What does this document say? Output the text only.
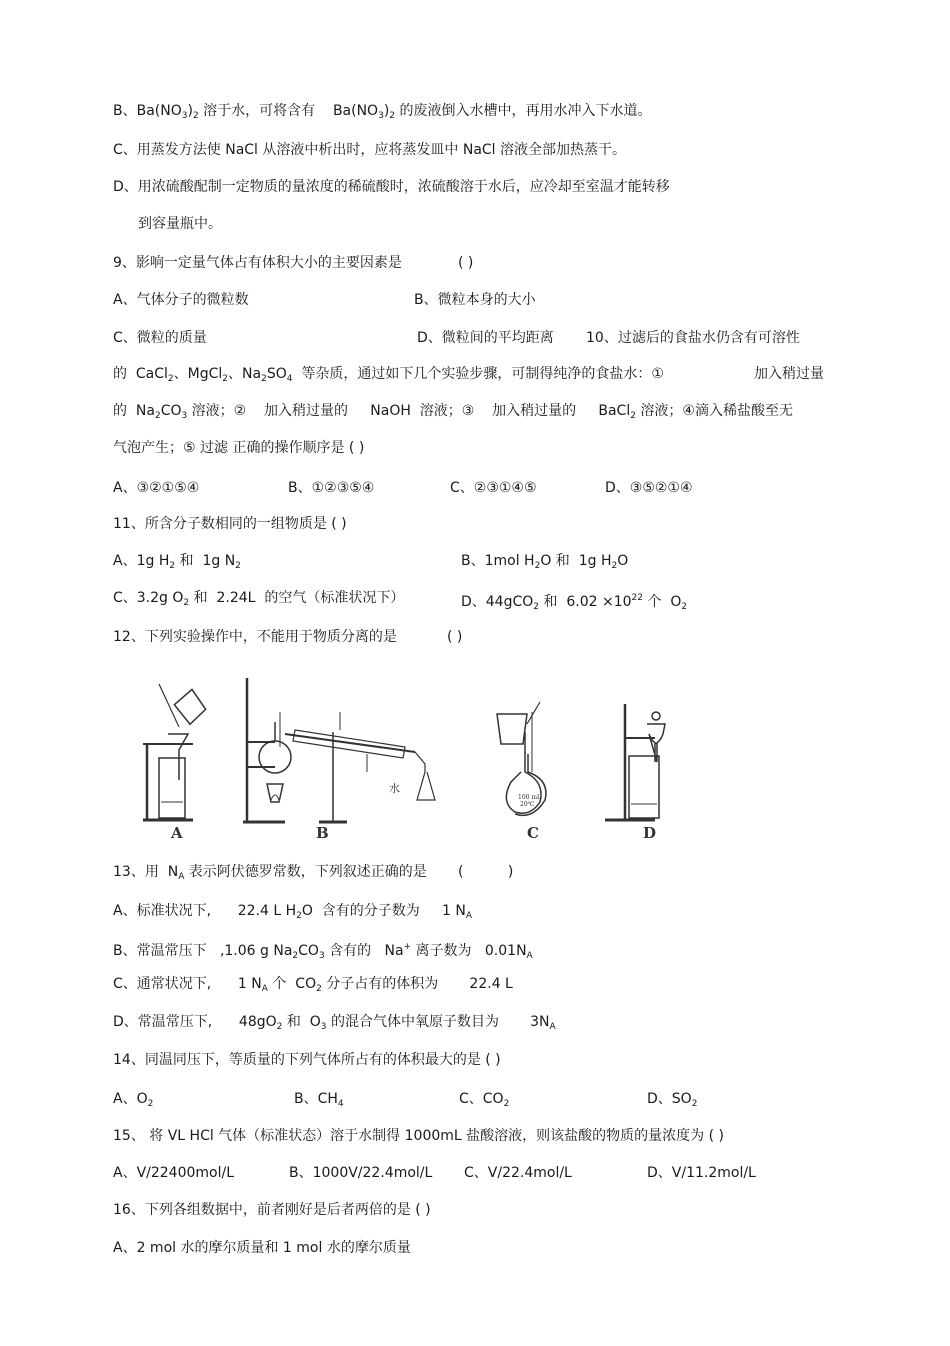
B、$Ba(NO_3)_2$ 溶于水，可将含有    $Ba(NO_3)_2$ 的废液倒入水槽中，再用水冲入下水道。
C、用蒸发方法使 NaCl 从溶液中析出时，应将蒸发皿中 NaCl 溶液全部加热蒸干。
D、用浓硫酸配制一定物质的量浓度的稀硫酸时，浓硫酸溶于水后，应冷却至室温才能转移
到容量瓶中。
9、影响一定量气体占有体积大小的主要因素是	( )
A、气体分子的微粒数	B、微粒本身的大小
C、微粒的质量	D、微粒间的平均距离 10、过滤后的食盐水仍含有可溶性
的  CaCl$_2$、MgCl$_2$、$Na_2SO_4$  等杂质，通过如下几个实验步骤，可制得纯净的食盐水：①	加入稍过量
的  $Na_2CO_3$ 溶液；②    加入稍过量的     NaOH  溶液；③    加入稍过量的     BaCl$_2$ 溶液；④滴入稀盐酸至无
气泡产生；⑤ 过滤 正确的操作顺序是 ( )
A、③②①⑤④	B、①②③⑤④	C、②③①④⑤	D、③⑤②①④
11、所含分子数相同的一组物质是 ( )
A、1g $H_2$ 和  1g $N_2$	B、1mol $H_2O$ 和  1g $H_2O$
C、3.2g $O_2$ 和  2.24L  的空气（标准状况下）	D、44gCO$_2$ 和  $6.02 \times 10^{22}$ 个  $O_2$
12、下列实验操作中，不能用于物质分离的是	( )
A	B	C	D
水
100 mL
20℃
13、用  $N_A$ 表示阿伏德罗常数，下列叙述正确的是       (          )
A、标准状况下,      22.4 L $H_2O$  含有的分子数为     1 $N_A$
B、常温常压下   ,1.06 g $Na_2CO_3$ 含有的   Na+ 离子数为   $0.01N_A$
C、通常状况下,      1 $N_A$ 个  $CO_2$ 分子占有的体积为       22.4 L
D、常温常压下,      $48gO_2$ 和  $O_3$ 的混合气体中氧原子数目为       $3N_A$
14、同温同压下，等质量的下列气体所占有的体积最大的是 ( )
A、$O_2$	B、$CH_4$	C、$CO_2$	D、$SO_2$
15、 将 VL HCl 气体（标准状态）溶于水制得 1000mL 盐酸溶液，则该盐酸的物质的量浓度为 ( )
A、V/22400mol/L	B、1000V/22.4mol/L C、V/22.4mol/L	D、V/11.2mol/L
16、下列各组数据中，前者刚好是后者两倍的是 ( )
A、2 mol 水的摩尔质量和 1 mol 水的摩尔质量
